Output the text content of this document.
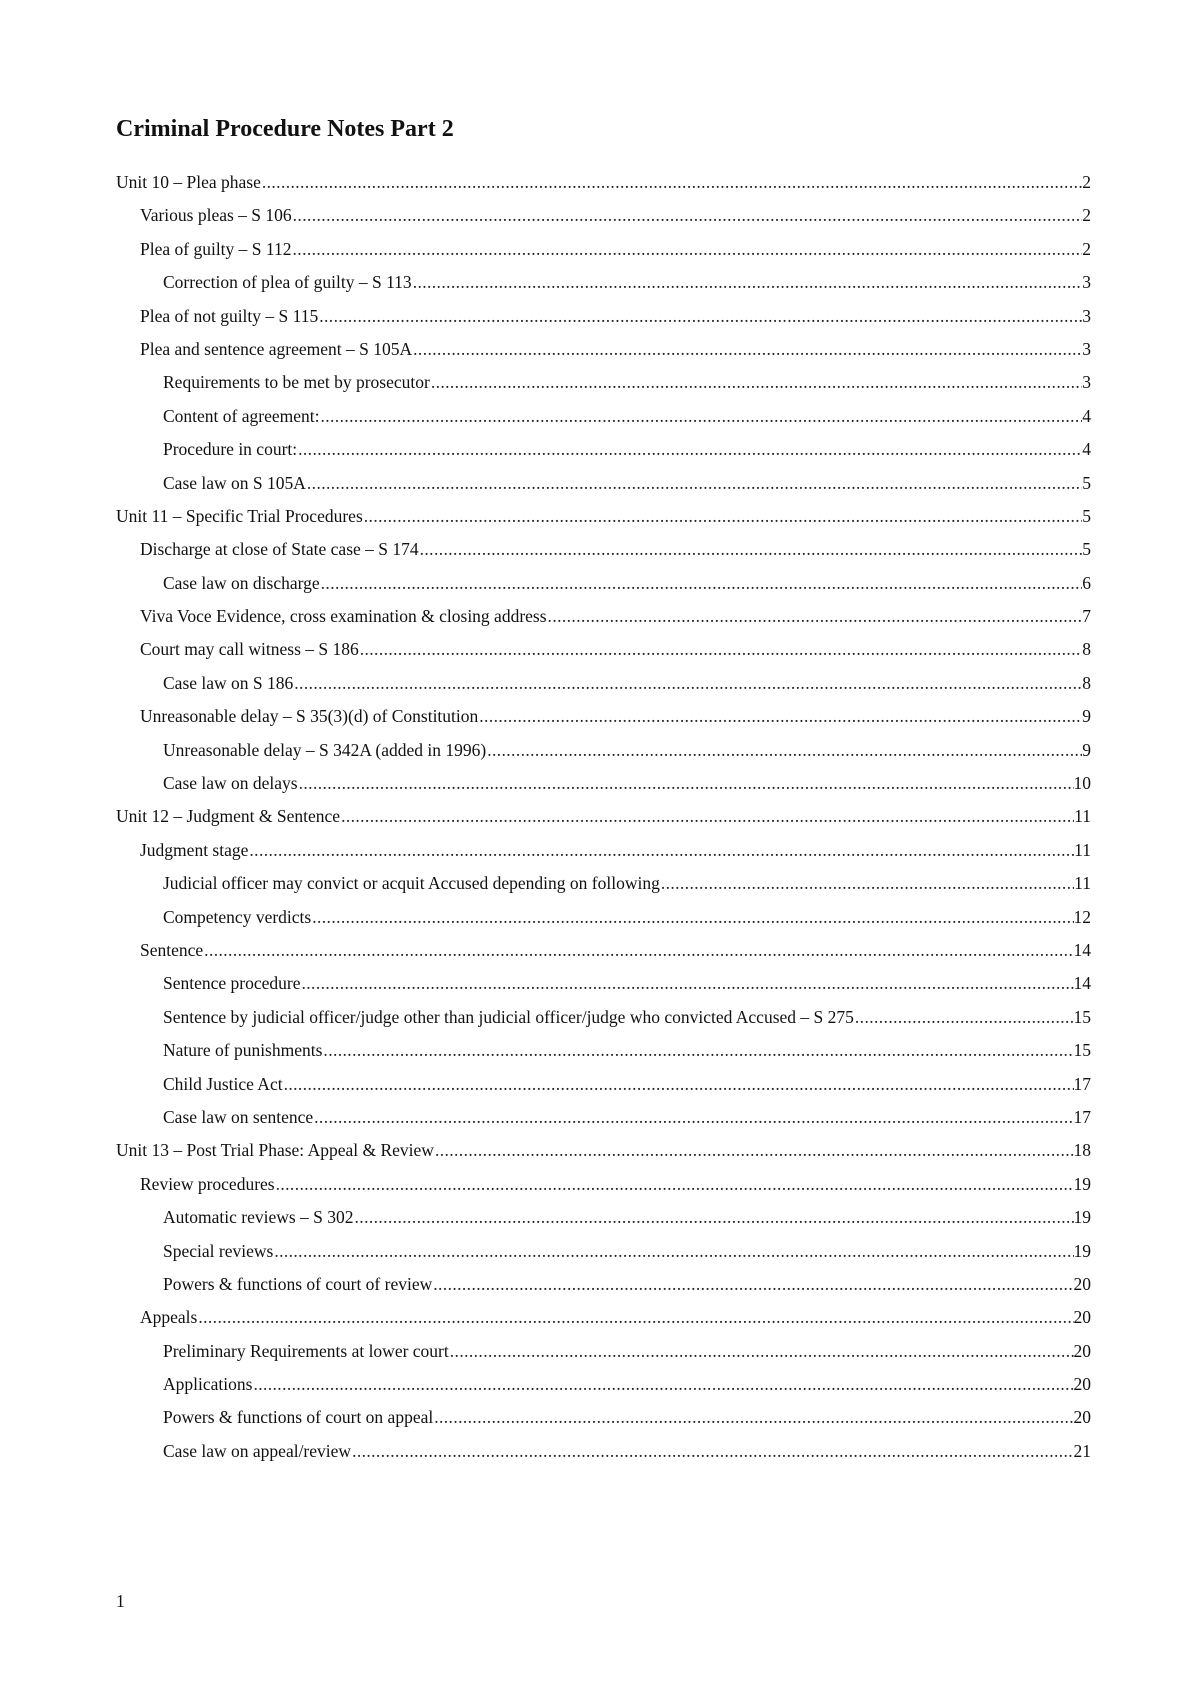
Criminal Procedure Notes Part 2
Unit 10 – Plea phase .....	2
Various pleas – S 106 .....	2
Plea of guilty – S 112 .....	2
Correction of plea of guilty – S 113 .....	3
Plea of not guilty – S 115 .....	3
Plea and sentence agreement – S 105A .....	3
Requirements to be met by prosecutor .....	3
Content of agreement: .....	4
Procedure in court: .....	4
Case law on S 105A .....	5
Unit 11 – Specific Trial Procedures .....	5
Discharge at close of State case – S 174 .....	5
Case law on discharge .....	6
Viva Voce Evidence, cross examination & closing address .....	7
Court may call witness – S 186 .....	8
Case law on S 186 .....	8
Unreasonable delay – S 35(3)(d) of Constitution .....	9
Unreasonable delay – S 342A (added in 1996) .....	9
Case law on delays .....	10
Unit 12 – Judgment & Sentence .....	11
Judgment stage .....	11
Judicial officer may convict or acquit Accused depending on following .....	11
Competency verdicts .....	12
Sentence .....	14
Sentence procedure .....	14
Sentence by judicial officer/judge other than judicial officer/judge who convicted Accused – S 275 .....	15
Nature of punishments .....	15
Child Justice Act .....	17
Case law on sentence .....	17
Unit 13 – Post Trial Phase: Appeal & Review .....	18
Review procedures .....	19
Automatic reviews – S 302 .....	19
Special reviews .....	19
Powers & functions of court of review .....	20
Appeals .....	20
Preliminary Requirements at lower court .....	20
Applications .....	20
Powers & functions of court on appeal .....	20
Case law on appeal/review .....	21
1
